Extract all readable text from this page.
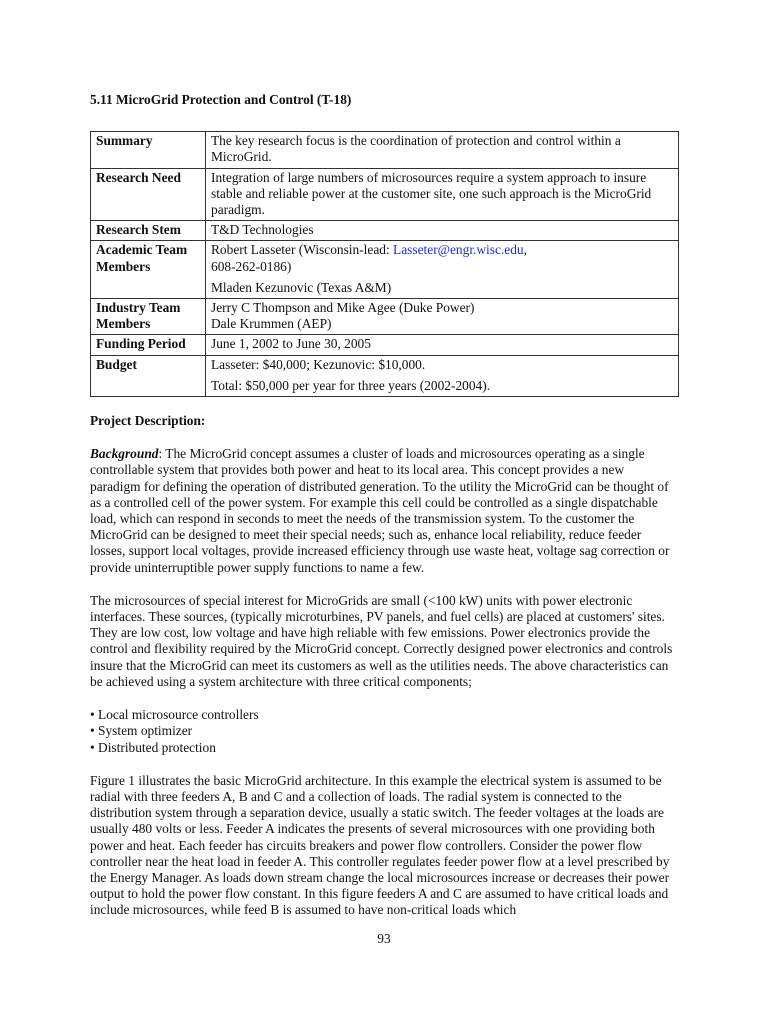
5.11 MicroGrid Protection and Control (T-18)
Summary	The key research focus is the coordination of protection and control within a MicroGrid.
Research Need	Integration of large numbers of microsources require a system approach to insure stable and reliable power at the customer site, one such approach is the MicroGrid paradigm.
Research Stem	T&D Technologies
Academic Team Members	Robert Lasseter (Wisconsin-lead: Lasseter@engr.wisc.edu,
608-262-0186)
Mladen Kezunovic (Texas A&M)

Industry Team Members	Jerry C Thompson and Mike Agee (Duke Power)
Dale Krummen (AEP)

Funding Period	June 1, 2002 to June 30, 2005
Budget	Lasseter: $40,000; Kezunovic: $10,000.
Total: $50,000 per year for three years (2002-2004).
Project Description:

Background: The MicroGrid concept assumes a cluster of loads and microsources operating as a single controllable system that provides both power and heat to its local area. This concept provides a new paradigm for defining the operation of distributed generation. To the utility the MicroGrid can be thought of as a controlled cell of the power system. For example this cell could be controlled as a single dispatchable load, which can respond in seconds to meet the needs of the transmission system. To the customer the MicroGrid can be designed to meet their special needs; such as, enhance local reliability, reduce feeder losses, support local voltages, provide increased efficiency through use waste heat, voltage sag correction or provide uninterruptible power supply functions to name a few.

The microsources of special interest for MicroGrids are small (<100 kW) units with power electronic interfaces. These sources, (typically microturbines, PV panels, and fuel cells) are placed at customers' sites. They are low cost, low voltage and have high reliable with few emissions. Power electronics provide the control and flexibility required by the MicroGrid concept. Correctly designed power electronics and controls insure that the MicroGrid can meet its customers as well as the utilities needs. The above characteristics can be achieved using a system architecture with three critical components;

• Local microsource controllers
• System optimizer
• Distributed protection

Figure 1 illustrates the basic MicroGrid architecture. In this example the electrical system is assumed to be radial with three feeders A, B and C and a collection of loads. The radial system is connected to the distribution system through a separation device, usually a static switch. The feeder voltages at the loads are usually 480 volts or less. Feeder A indicates the presents of several microsources with one providing both power and heat. Each feeder has circuits breakers and power flow controllers. Consider the power flow controller near the heat load in feeder A. This controller regulates feeder power flow at a level prescribed by the Energy Manager. As loads down stream change the local microsources increase or decreases their power output to hold the power flow constant. In this figure feeders A and C are assumed to have critical loads and include microsources, while feed B is assumed to have non-critical loads which

93
